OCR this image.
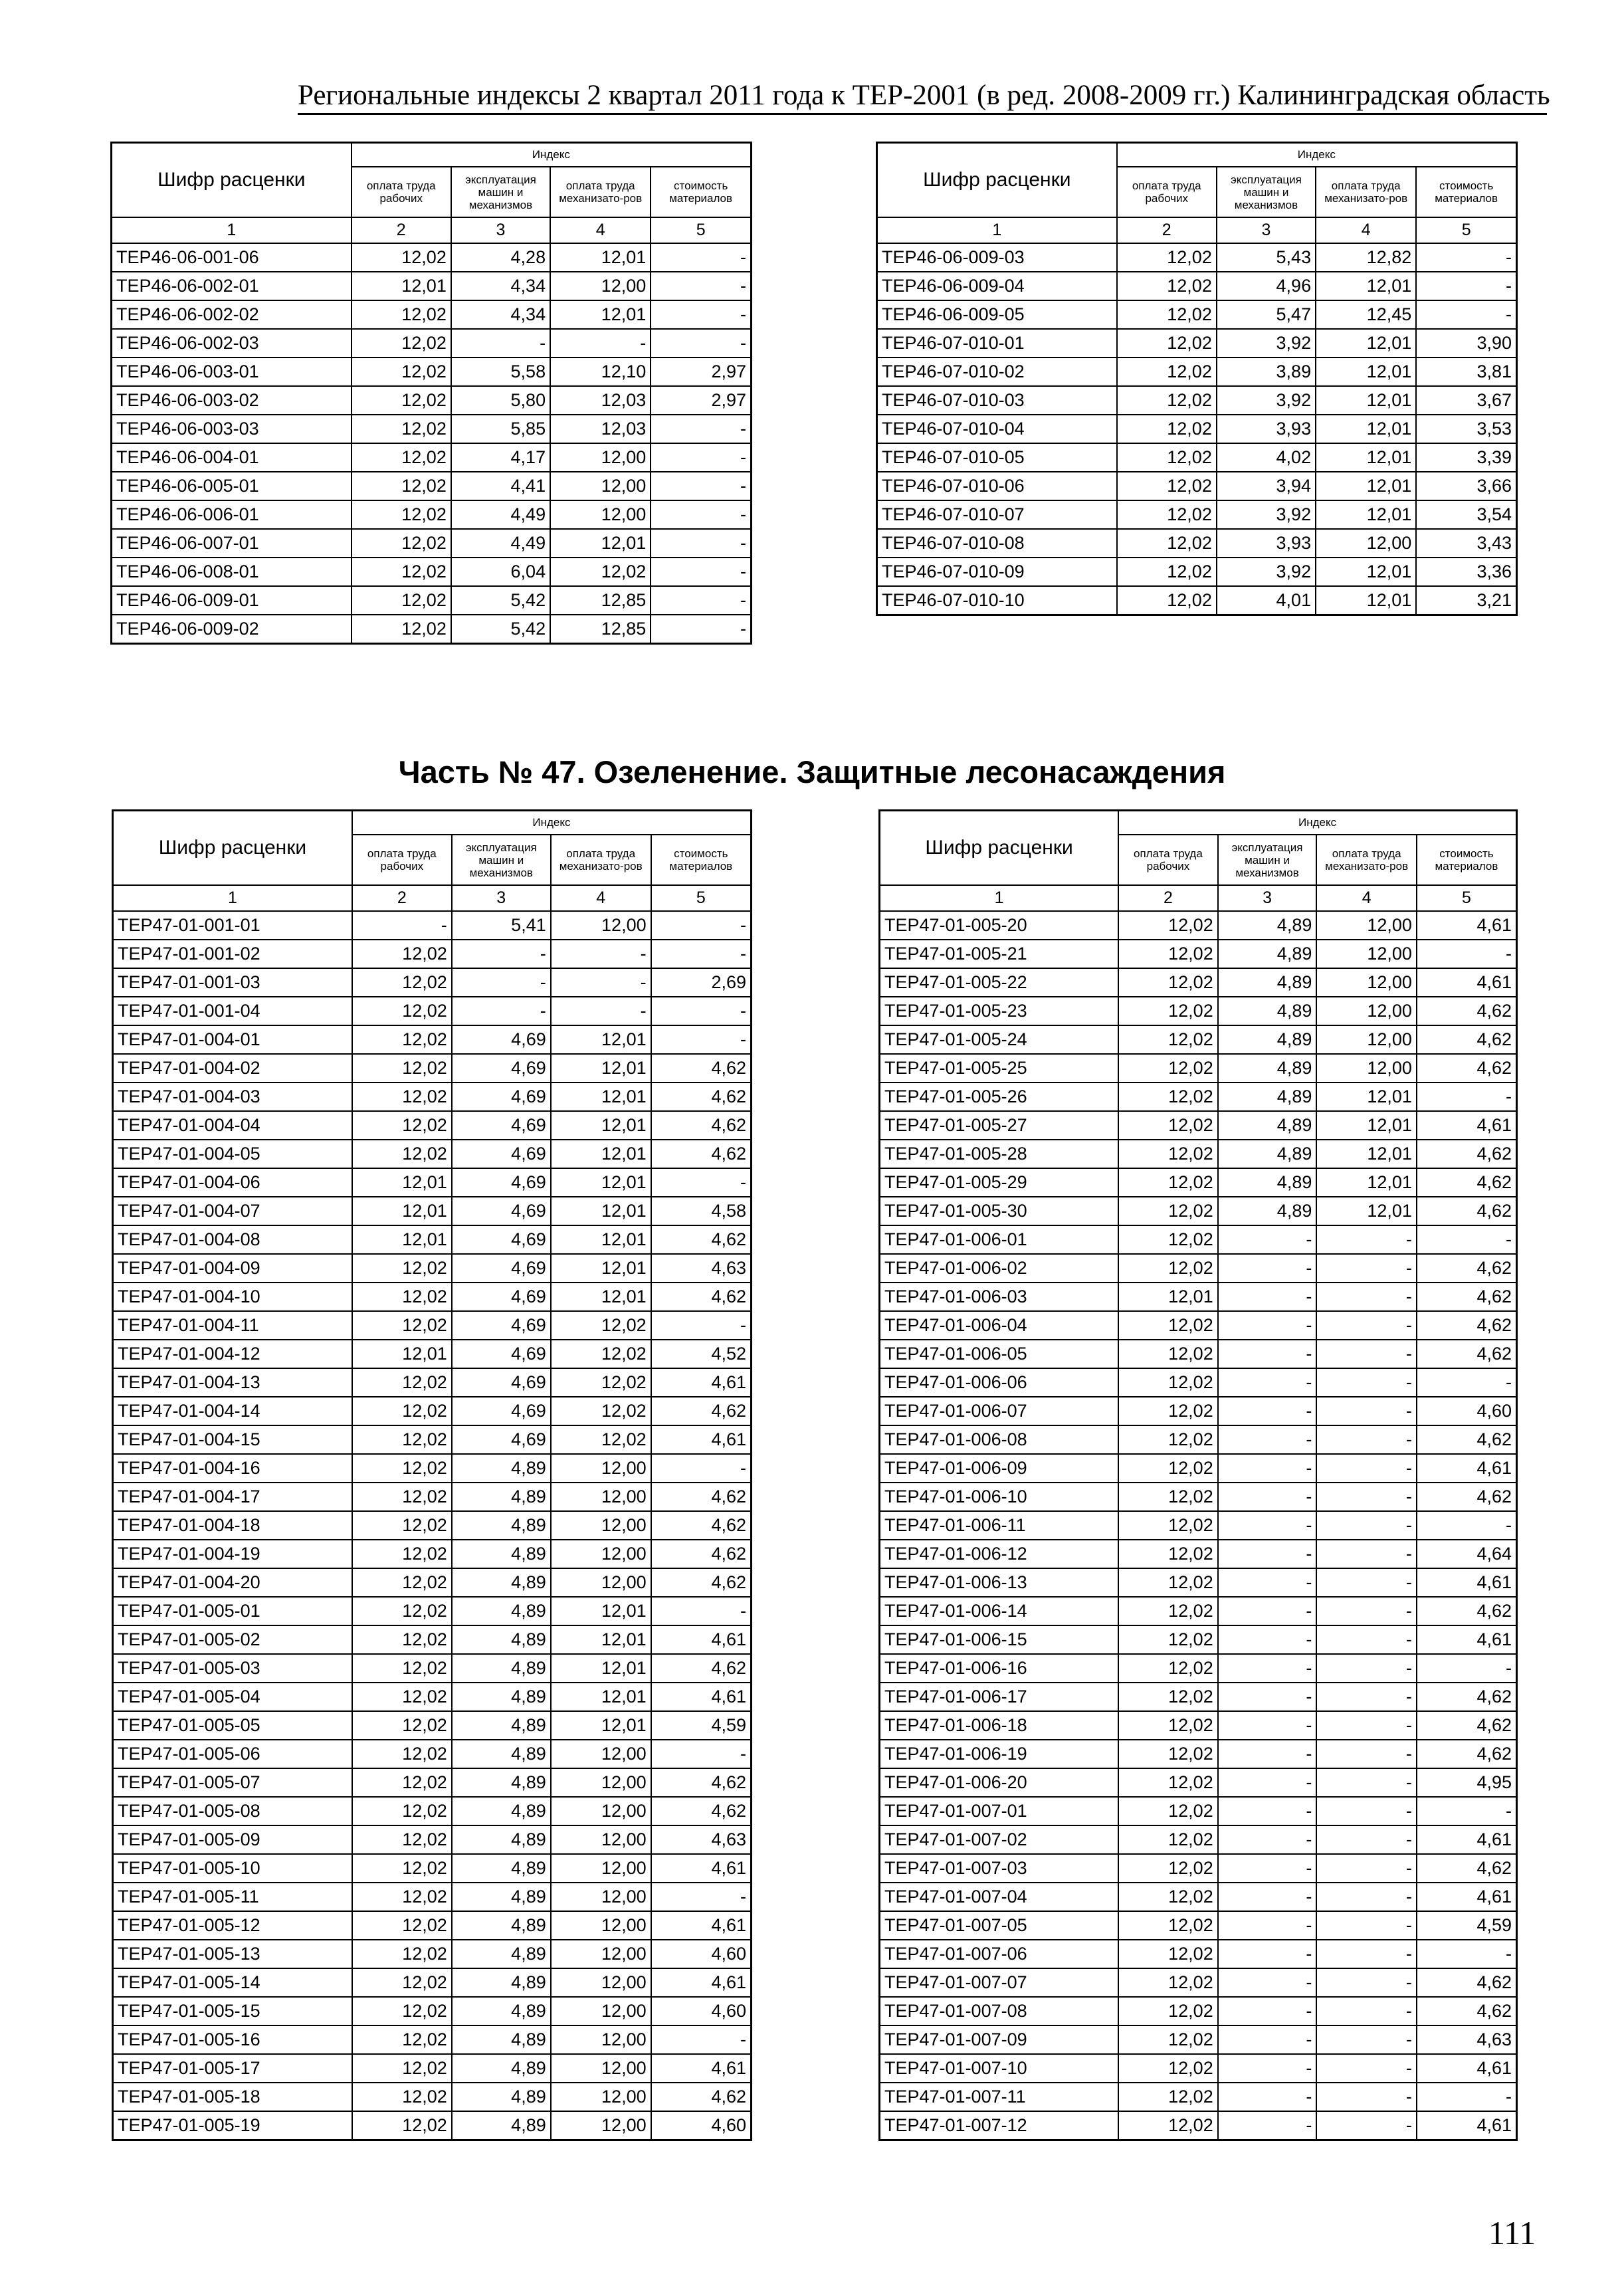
Региональные индексы 2 квартал 2011 года к ТЕР-2001 (в ред. 2008-2009 гг.) Калининградская область
Шифр расценки	Индекс			
	оплата труда рабочих	эксплуатация машин и механизмов	оплата труда механизато-ров	стоимость материалов
1	2	3	4	5
ТЕР46-06-001-06	12,02	4,28	12,01	-
ТЕР46-06-002-01	12,01	4,34	12,00	-
ТЕР46-06-002-02	12,02	4,34	12,01	-
ТЕР46-06-002-03	12,02	-	-	-
ТЕР46-06-003-01	12,02	5,58	12,10	2,97
ТЕР46-06-003-02	12,02	5,80	12,03	2,97
ТЕР46-06-003-03	12,02	5,85	12,03	-
ТЕР46-06-004-01	12,02	4,17	12,00	-
ТЕР46-06-005-01	12,02	4,41	12,00	-
ТЕР46-06-006-01	12,02	4,49	12,00	-
ТЕР46-06-007-01	12,02	4,49	12,01	-
ТЕР46-06-008-01	12,02	6,04	12,02	-
ТЕР46-06-009-01	12,02	5,42	12,85	-
ТЕР46-06-009-02	12,02	5,42	12,85	-
Шифр расценки	Индекс			
	оплата труда рабочих	эксплуатация машин и механизмов	оплата труда механизато-ров	стоимость материалов
1	2	3	4	5
ТЕР46-06-009-03	12,02	5,43	12,82	-
ТЕР46-06-009-04	12,02	4,96	12,01	-
ТЕР46-06-009-05	12,02	5,47	12,45	-
ТЕР46-07-010-01	12,02	3,92	12,01	3,90
ТЕР46-07-010-02	12,02	3,89	12,01	3,81
ТЕР46-07-010-03	12,02	3,92	12,01	3,67
ТЕР46-07-010-04	12,02	3,93	12,01	3,53
ТЕР46-07-010-05	12,02	4,02	12,01	3,39
ТЕР46-07-010-06	12,02	3,94	12,01	3,66
ТЕР46-07-010-07	12,02	3,92	12,01	3,54
ТЕР46-07-010-08	12,02	3,93	12,00	3,43
ТЕР46-07-010-09	12,02	3,92	12,01	3,36
ТЕР46-07-010-10	12,02	4,01	12,01	3,21
Часть № 47. Озеленение. Защитные лесонасаждения
Шифр расценки	Индекс			
	оплата труда рабочих	эксплуатация машин и механизмов	оплата труда механизато-ров	стоимость материалов
1	2	3	4	5
ТЕР47-01-001-01	-	5,41	12,00	-
ТЕР47-01-001-02	12,02	-	-	-
ТЕР47-01-001-03	12,02	-	-	2,69
ТЕР47-01-001-04	12,02	-	-	-
ТЕР47-01-004-01	12,02	4,69	12,01	-
ТЕР47-01-004-02	12,02	4,69	12,01	4,62
ТЕР47-01-004-03	12,02	4,69	12,01	4,62
ТЕР47-01-004-04	12,02	4,69	12,01	4,62
ТЕР47-01-004-05	12,02	4,69	12,01	4,62
ТЕР47-01-004-06	12,01	4,69	12,01	-
ТЕР47-01-004-07	12,01	4,69	12,01	4,58
ТЕР47-01-004-08	12,01	4,69	12,01	4,62
ТЕР47-01-004-09	12,02	4,69	12,01	4,63
ТЕР47-01-004-10	12,02	4,69	12,01	4,62
ТЕР47-01-004-11	12,02	4,69	12,02	-
ТЕР47-01-004-12	12,01	4,69	12,02	4,52
ТЕР47-01-004-13	12,02	4,69	12,02	4,61
ТЕР47-01-004-14	12,02	4,69	12,02	4,62
ТЕР47-01-004-15	12,02	4,69	12,02	4,61
ТЕР47-01-004-16	12,02	4,89	12,00	-
ТЕР47-01-004-17	12,02	4,89	12,00	4,62
ТЕР47-01-004-18	12,02	4,89	12,00	4,62
ТЕР47-01-004-19	12,02	4,89	12,00	4,62
ТЕР47-01-004-20	12,02	4,89	12,00	4,62
ТЕР47-01-005-01	12,02	4,89	12,01	-
ТЕР47-01-005-02	12,02	4,89	12,01	4,61
ТЕР47-01-005-03	12,02	4,89	12,01	4,62
ТЕР47-01-005-04	12,02	4,89	12,01	4,61
ТЕР47-01-005-05	12,02	4,89	12,01	4,59
ТЕР47-01-005-06	12,02	4,89	12,00	-
ТЕР47-01-005-07	12,02	4,89	12,00	4,62
ТЕР47-01-005-08	12,02	4,89	12,00	4,62
ТЕР47-01-005-09	12,02	4,89	12,00	4,63
ТЕР47-01-005-10	12,02	4,89	12,00	4,61
ТЕР47-01-005-11	12,02	4,89	12,00	-
ТЕР47-01-005-12	12,02	4,89	12,00	4,61
ТЕР47-01-005-13	12,02	4,89	12,00	4,60
ТЕР47-01-005-14	12,02	4,89	12,00	4,61
ТЕР47-01-005-15	12,02	4,89	12,00	4,60
ТЕР47-01-005-16	12,02	4,89	12,00	-
ТЕР47-01-005-17	12,02	4,89	12,00	4,61
ТЕР47-01-005-18	12,02	4,89	12,00	4,62
ТЕР47-01-005-19	12,02	4,89	12,00	4,60
Шифр расценки	Индекс			
	оплата труда рабочих	эксплуатация машин и механизмов	оплата труда механизато-ров	стоимость материалов
1	2	3	4	5
ТЕР47-01-005-20	12,02	4,89	12,00	4,61
ТЕР47-01-005-21	12,02	4,89	12,00	-
ТЕР47-01-005-22	12,02	4,89	12,00	4,61
ТЕР47-01-005-23	12,02	4,89	12,00	4,62
ТЕР47-01-005-24	12,02	4,89	12,00	4,62
ТЕР47-01-005-25	12,02	4,89	12,00	4,62
ТЕР47-01-005-26	12,02	4,89	12,01	-
ТЕР47-01-005-27	12,02	4,89	12,01	4,61
ТЕР47-01-005-28	12,02	4,89	12,01	4,62
ТЕР47-01-005-29	12,02	4,89	12,01	4,62
ТЕР47-01-005-30	12,02	4,89	12,01	4,62
ТЕР47-01-006-01	12,02	-	-	-
ТЕР47-01-006-02	12,02	-	-	4,62
ТЕР47-01-006-03	12,01	-	-	4,62
ТЕР47-01-006-04	12,02	-	-	4,62
ТЕР47-01-006-05	12,02	-	-	4,62
ТЕР47-01-006-06	12,02	-	-	-
ТЕР47-01-006-07	12,02	-	-	4,60
ТЕР47-01-006-08	12,02	-	-	4,62
ТЕР47-01-006-09	12,02	-	-	4,61
ТЕР47-01-006-10	12,02	-	-	4,62
ТЕР47-01-006-11	12,02	-	-	-
ТЕР47-01-006-12	12,02	-	-	4,64
ТЕР47-01-006-13	12,02	-	-	4,61
ТЕР47-01-006-14	12,02	-	-	4,62
ТЕР47-01-006-15	12,02	-	-	4,61
ТЕР47-01-006-16	12,02	-	-	-
ТЕР47-01-006-17	12,02	-	-	4,62
ТЕР47-01-006-18	12,02	-	-	4,62
ТЕР47-01-006-19	12,02	-	-	4,62
ТЕР47-01-006-20	12,02	-	-	4,95
ТЕР47-01-007-01	12,02	-	-	-
ТЕР47-01-007-02	12,02	-	-	4,61
ТЕР47-01-007-03	12,02	-	-	4,62
ТЕР47-01-007-04	12,02	-	-	4,61
ТЕР47-01-007-05	12,02	-	-	4,59
ТЕР47-01-007-06	12,02	-	-	-
ТЕР47-01-007-07	12,02	-	-	4,62
ТЕР47-01-007-08	12,02	-	-	4,62
ТЕР47-01-007-09	12,02	-	-	4,63
ТЕР47-01-007-10	12,02	-	-	4,61
ТЕР47-01-007-11	12,02	-	-	-
ТЕР47-01-007-12	12,02	-	-	4,61
111
